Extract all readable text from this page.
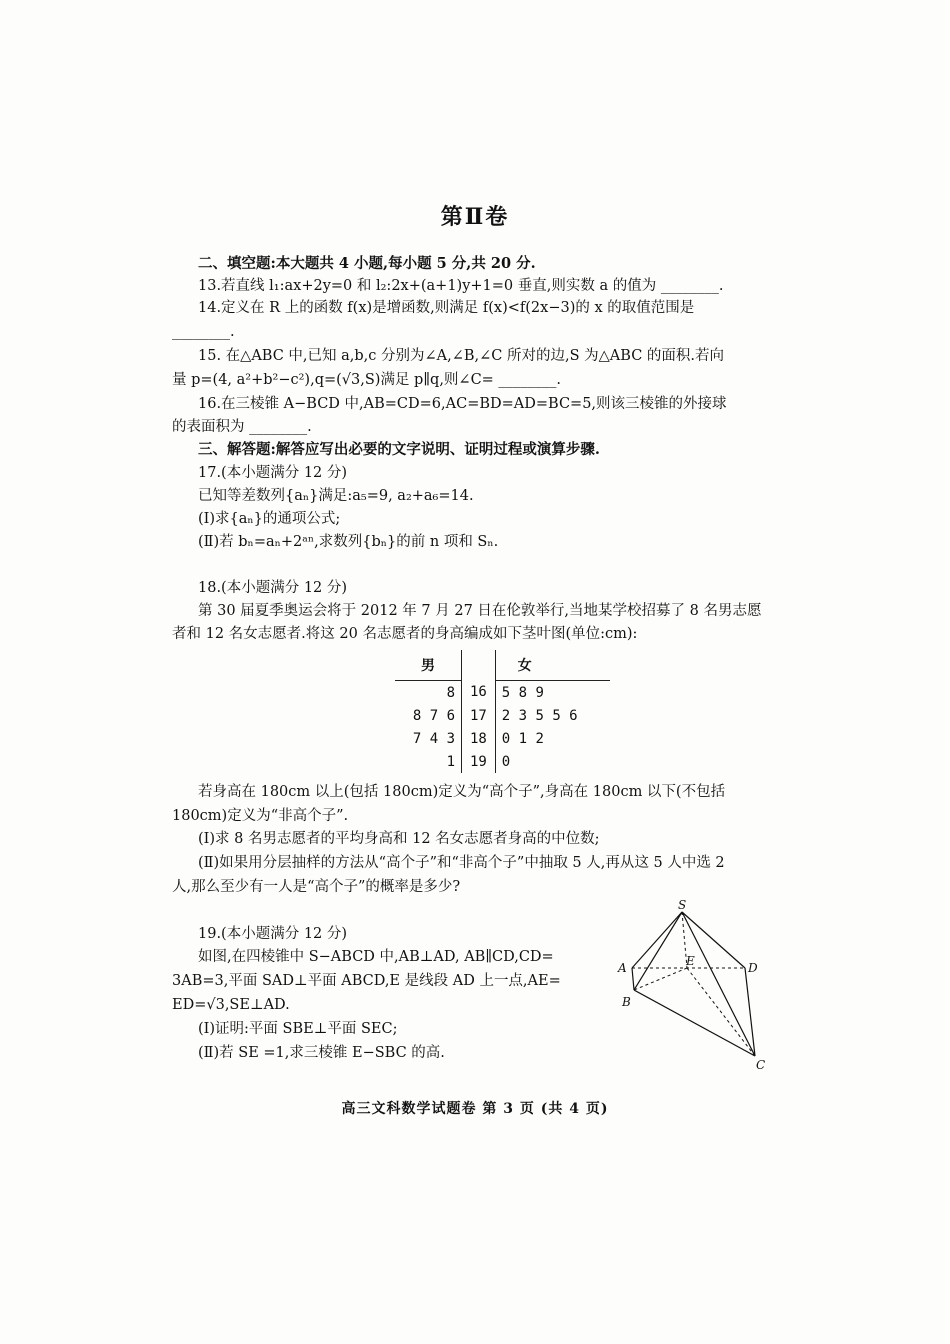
第Ⅱ卷
二、填空题:本大题共 4 小题,每小题 5 分,共 20 分.
13.若直线 l₁:ax+2y=0 和 l₂:2x+(a+1)y+1=0 垂直,则实数 a 的值为 ________.
14.定义在 R 上的函数 f(x)是增函数,则满足 f(x)<f(2x−3)的 x 的取值范围是
________.
15. 在△ABC 中,已知 a,b,c 分别为∠A,∠B,∠C 所对的边,S 为△ABC 的面积.若向
量 p=(4, a²+b²−c²),q=(√3,S)满足 p∥q,则∠C= ________.
16.在三棱锥 A−BCD 中,AB=CD=6,AC=BD=AD=BC=5,则该三棱锥的外接球
的表面积为 ________.
三、解答题:解答应写出必要的文字说明、证明过程或演算步骤.
17.(本小题满分 12 分)
已知等差数列{aₙ}满足:a₅=9, a₂+a₆=14.
(Ⅰ)求{aₙ}的通项公式;
(Ⅱ)若 bₙ=aₙ+2ᵃⁿ,求数列{bₙ}的前 n 项和 Sₙ.
18.(本小题满分 12 分)
第 30 届夏季奥运会将于 2012 年 7 月 27 日在伦敦举行,当地某学校招募了 8 名男志愿
者和 12 名女志愿者.将这 20 名志愿者的身高编成如下茎叶图(单位:cm):
男		女
8	16	5 8 9
8 7 6	17	2 3 5 5 6
7 4 3	18	0 1 2
1	19	0
若身高在 180cm 以上(包括 180cm)定义为“高个子”,身高在 180cm 以下(不包括
180cm)定义为“非高个子”.
(Ⅰ)求 8 名男志愿者的平均身高和 12 名女志愿者身高的中位数;
(Ⅱ)如果用分层抽样的方法从“高个子”和“非高个子”中抽取 5 人,再从这 5 人中选 2
人,那么至少有一人是“高个子”的概率是多少?
19.(本小题满分 12 分)
如图,在四棱锥中 S−ABCD 中,AB⊥AD, AB∥CD,CD=
3AB=3,平面 SAD⊥平面 ABCD,E 是线段 AD 上一点,AE=
ED=√3,SE⊥AD.
(Ⅰ)证明:平面 SBE⊥平面 SEC;
(Ⅱ)若 SE =1,求三棱锥 E−SBC 的高.
S
A
B
C
D
E
高三文科数学试题卷 第 3 页 (共 4 页)
